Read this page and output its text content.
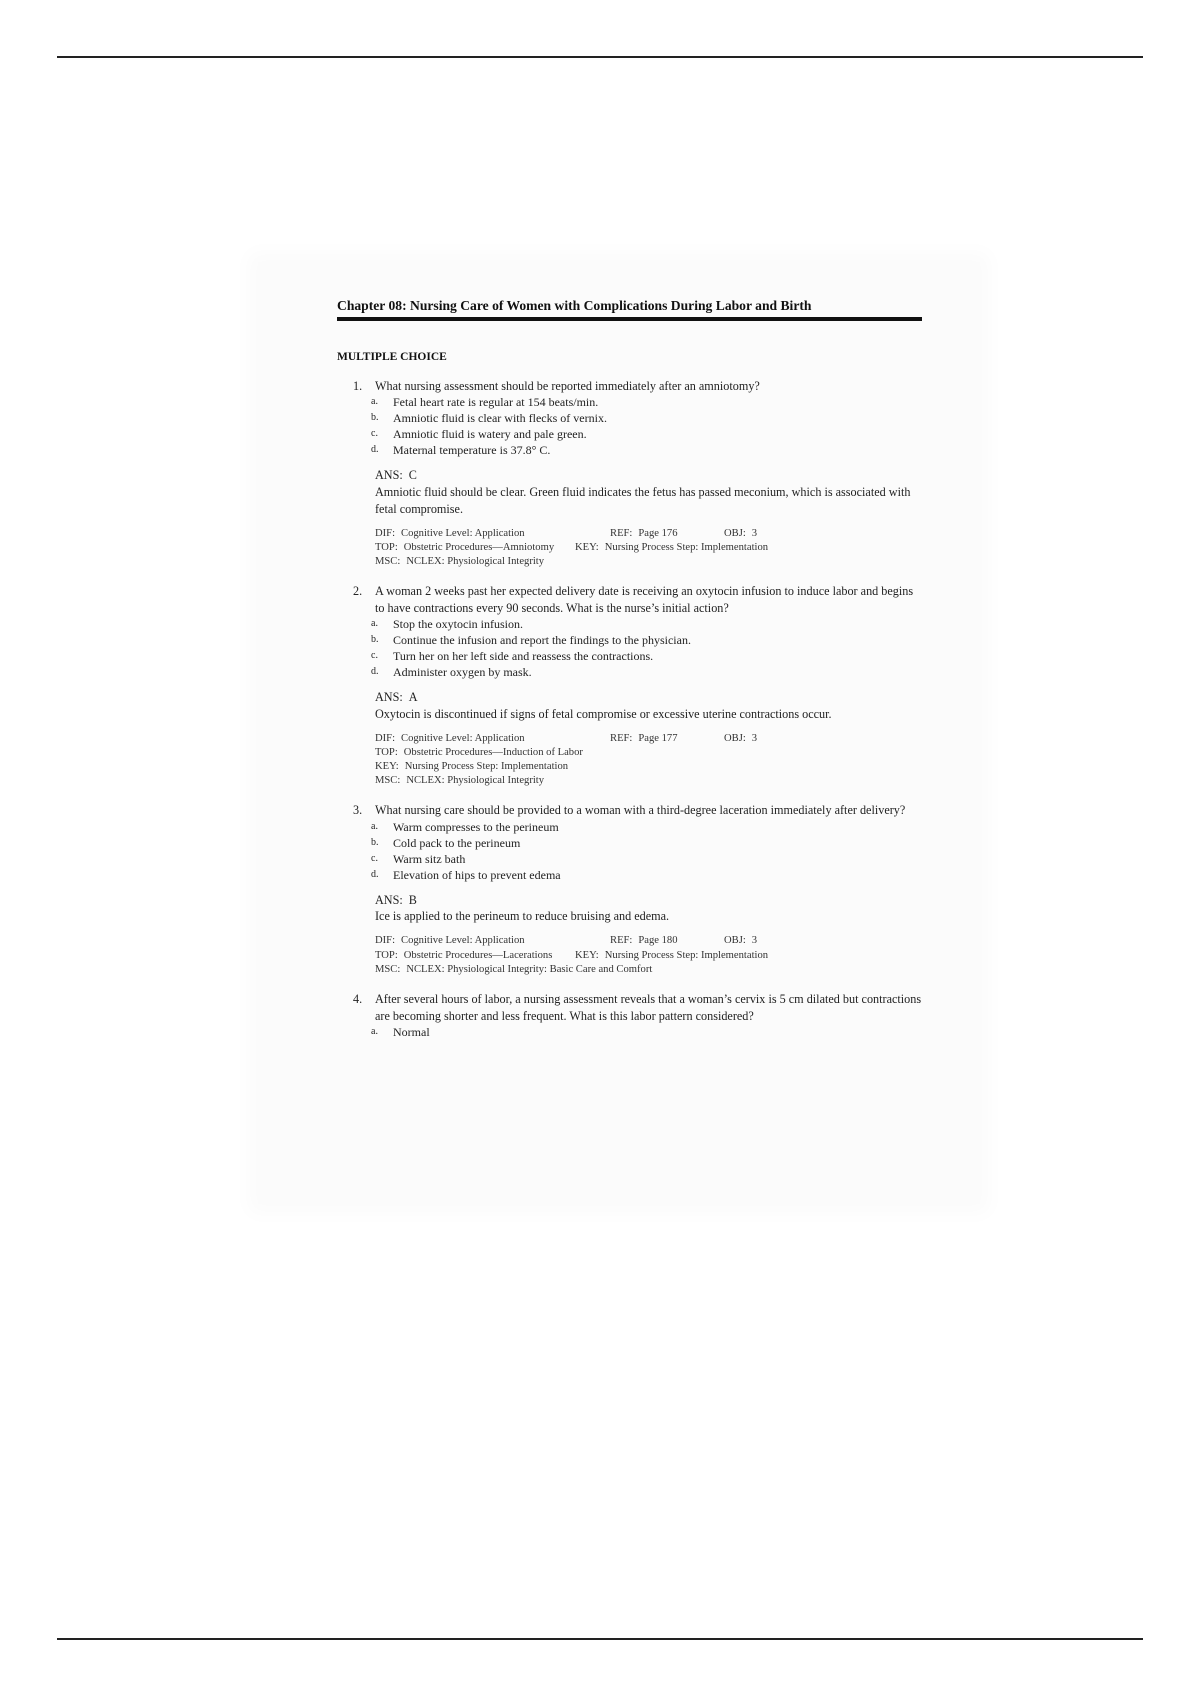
Chapter 08: Nursing Care of Women with Complications During Labor and Birth
MULTIPLE CHOICE
1. What nursing assessment should be reported immediately after an amniotomy?
a. Fetal heart rate is regular at 154 beats/min.
b. Amniotic fluid is clear with flecks of vernix.
c. Amniotic fluid is watery and pale green.
d. Maternal temperature is 37.8° C.
ANS: C
Amniotic fluid should be clear. Green fluid indicates the fetus has passed meconium, which is associated with fetal compromise.
DIF: Cognitive Level: Application	REF: Page 176	OBJ: 3
TOP: Obstetric Procedures—Amniotomy KEY: Nursing Process Step: Implementation
MSC: NCLEX: Physiological Integrity
2. A woman 2 weeks past her expected delivery date is receiving an oxytocin infusion to induce labor and begins to have contractions every 90 seconds. What is the nurse’s initial action?
a. Stop the oxytocin infusion.
b. Continue the infusion and report the findings to the physician.
c. Turn her on her left side and reassess the contractions.
d. Administer oxygen by mask.
ANS: A
Oxytocin is discontinued if signs of fetal compromise or excessive uterine contractions occur.
DIF: Cognitive Level: Application	REF: Page 177	OBJ: 3
TOP: Obstetric Procedures—Induction of Labor
KEY: Nursing Process Step: Implementation
MSC: NCLEX: Physiological Integrity
3. What nursing care should be provided to a woman with a third-degree laceration immediately after delivery?
a. Warm compresses to the perineum
b. Cold pack to the perineum
c. Warm sitz bath
d. Elevation of hips to prevent edema
ANS: B
Ice is applied to the perineum to reduce bruising and edema.
DIF: Cognitive Level: Application	REF: Page 180	OBJ: 3
TOP: Obstetric Procedures—Lacerations KEY: Nursing Process Step: Implementation
MSC: NCLEX: Physiological Integrity: Basic Care and Comfort
4. After several hours of labor, a nursing assessment reveals that a woman’s cervix is 5 cm dilated but contractions are becoming shorter and less frequent. What is this labor pattern considered?
a. Normal
